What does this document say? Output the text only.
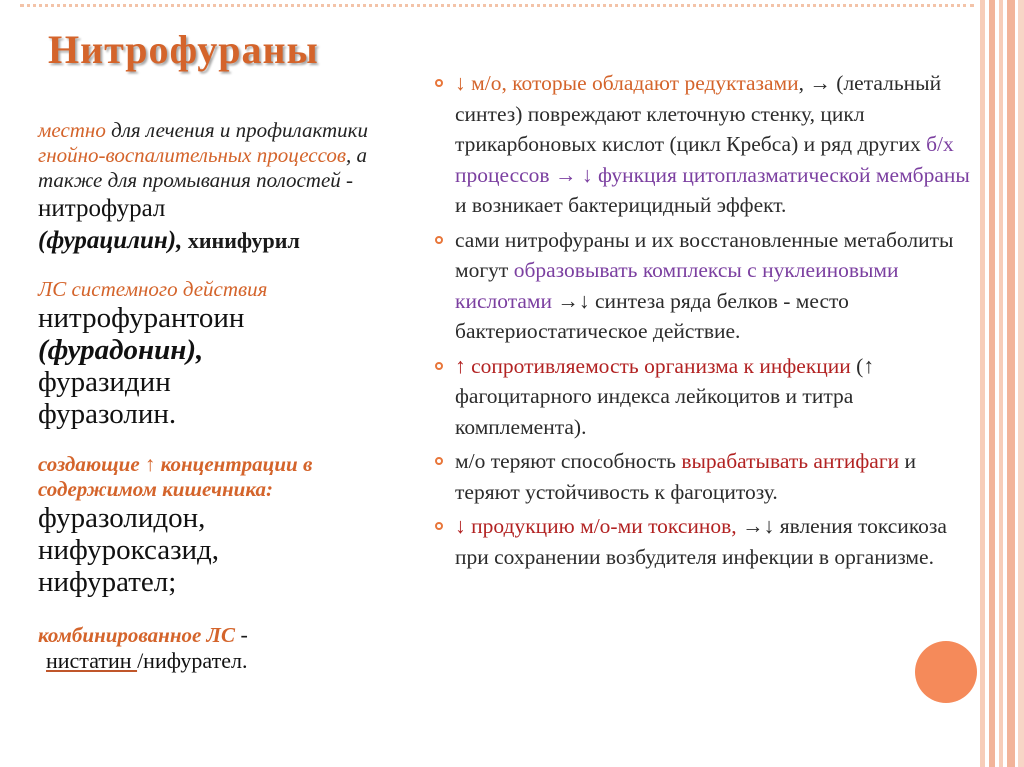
Нитрофураны
местно для лечения и профилактики гнойно-воспалительных процессов, а также для промывания полостей - нитрофурал
(фурацилин), хинифурил
ЛС системного действия
нитрофурантоин
(фурадонин),
фуразидин
фуразолин.
создающие ↑ концентрации в содержимом кишечника:
фуразолидон,
нифуроксазид,
нифурател;
комбинированное ЛС -
нистатин /нифурател.
↓ м/о, которые обладают редуктазами, → (летальный синтез) повреждают клеточную стенку, цикл трикарбоновых кислот (цикл Кребса) и ряд других б/х процессов → ↓ функция цитоплазматической мембраны и возникает бактерицидный эффект.
сами нитрофураны и их восстановленные метаболиты могут образовывать комплексы с нуклеиновыми кислотами →↓ синтеза ряда белков - место бактериостатическое действие.
↑ сопротивляемость организма к инфекции (↑ фагоцитарного индекса лейкоцитов и титра комплемента).
м/о теряют способность вырабатывать антифаги и теряют устойчивость к фагоцитозу.
↓ продукцию м/о-ми токсинов, →↓ явления токсикоза при сохранении возбудителя инфекции в организме.
